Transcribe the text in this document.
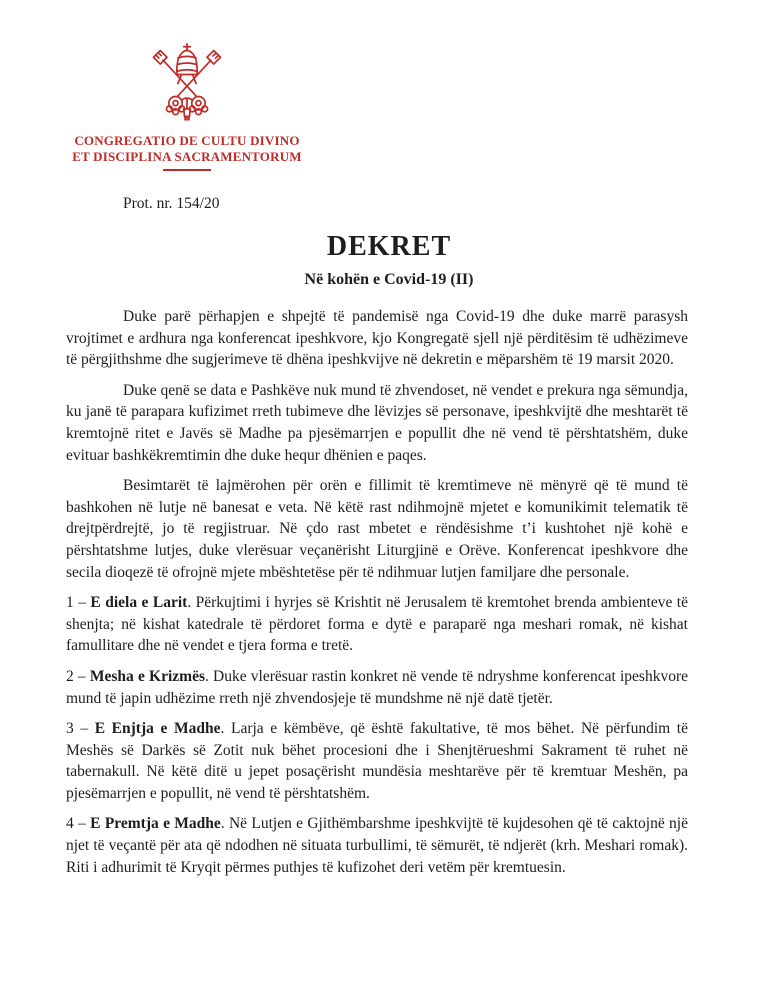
CONGREGATIO DE CULTU DIVINO
ET DISCIPLINA SACRAMENTORUM
Prot. nr. 154/20
DEKRET
Në kohën e Covid-19 (II)

Duke parë përhapjen e shpejtë të pandemisë nga Covid-19 dhe duke marrë parasysh vrojtimet e ardhura nga konferencat ipeshkvore, kjo Kongregatë sjell një përditësim të udhëzimeve të përgjithshme dhe sugjerimeve të dhëna ipeshkvijve në dekretin e mëparshëm të 19 marsit 2020.

Duke qenë se data e Pashkëve nuk mund të zhvendoset, në vendet e prekura nga sëmundja, ku janë të parapara kufizimet rreth tubimeve dhe lëvizjes së personave, ipeshkvijtë dhe meshtarët të kremtojnë ritet e Javës së Madhe pa pjesëmarrjen e popullit dhe në vend të përshtatshëm, duke evituar bashkëkremtimin dhe duke hequr dhënien e paqes.

Besimtarët të lajmërohen për orën e fillimit të kremtimeve në mënyrë që të mund të bashkohen në lutje në banesat e veta. Në këtë rast ndihmojnë mjetet e komunikimit telematik të drejtpërdrejtë, jo të regjistruar. Në çdo rast mbetet e rëndësishme t’i kushtohet një kohë e përshtatshme lutjes, duke vlerësuar veçanërisht Liturgjinë e Orëve. Konferencat ipeshkvore dhe secila dioqezë të ofrojnë mjete mbështetëse për të ndihmuar lutjen familjare dhe personale.

1 – E diela e Larit. Përkujtimi i hyrjes së Krishtit në Jerusalem të kremtohet brenda ambienteve të shenjta; në kishat katedrale të përdoret forma e dytë e paraparë nga meshari romak, në kishat famullitare dhe në vendet e tjera forma e tretë.

2 – Mesha e Krizmës. Duke vlerësuar rastin konkret në vende të ndryshme konferencat ipeshkvore mund të japin udhëzime rreth një zhvendosjeje të mundshme në një datë tjetër.

3 – E Enjtja e Madhe. Larja e këmbëve, që është fakultative, të mos bëhet. Në përfundim të Meshës së Darkës së Zotit nuk bëhet procesioni dhe i Shenjtërueshmi Sakrament të ruhet në tabernakull. Në këtë ditë u jepet posaçërisht mundësia meshtarëve për të kremtuar Meshën, pa pjesëmarrjen e popullit, në vend të përshtatshëm.

4 – E Premtja e Madhe. Në Lutjen e Gjithëmbarshme ipeshkvijtë të kujdesohen që të caktojnë një njet të veçantë për ata që ndodhen në situata turbullimi, të sëmurët, të ndjerët (krh. Meshari romak). Riti i adhurimit të Kryqit përmes puthjes të kufizohet deri vetëm për kremtuesin.
